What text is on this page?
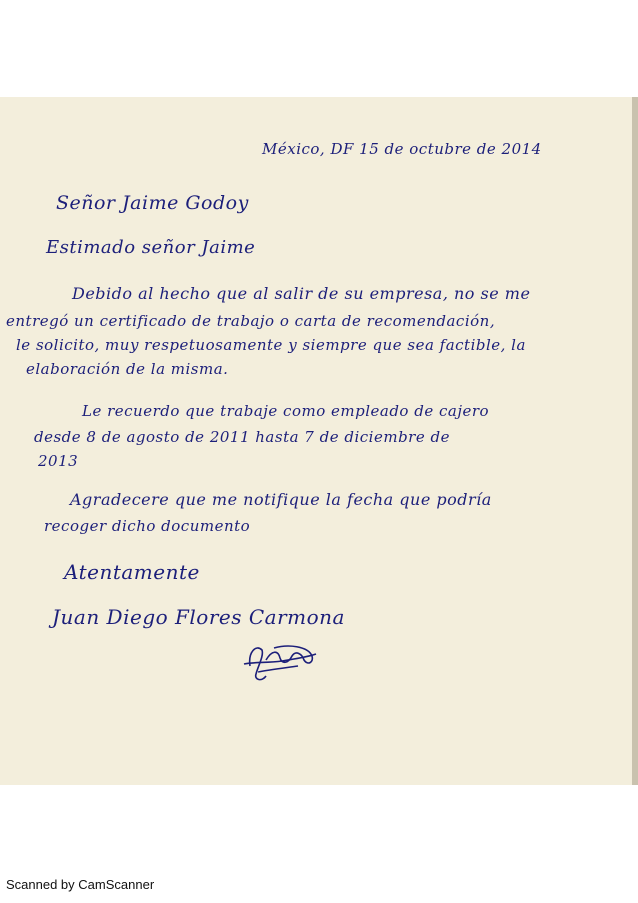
México, DF 15 de octubre de 2014
Señor Jaime Godoy
Estimado señor Jaime
Debido al hecho que al salir de su empresa, no se me
entregó un certificado de trabajo o carta de recomendación,
le solicito, muy respetuosamente y siempre que sea factible, la
elaboración de la misma.
Le recuerdo que trabaje como empleado de cajero
desde 8 de agosto de 2011 hasta 7 de diciembre de
2013
Agradecere que me notifique la fecha que podría
recoger dicho documento
Atentamente
Juan Diego Flores Carmona
Scanned by CamScanner
